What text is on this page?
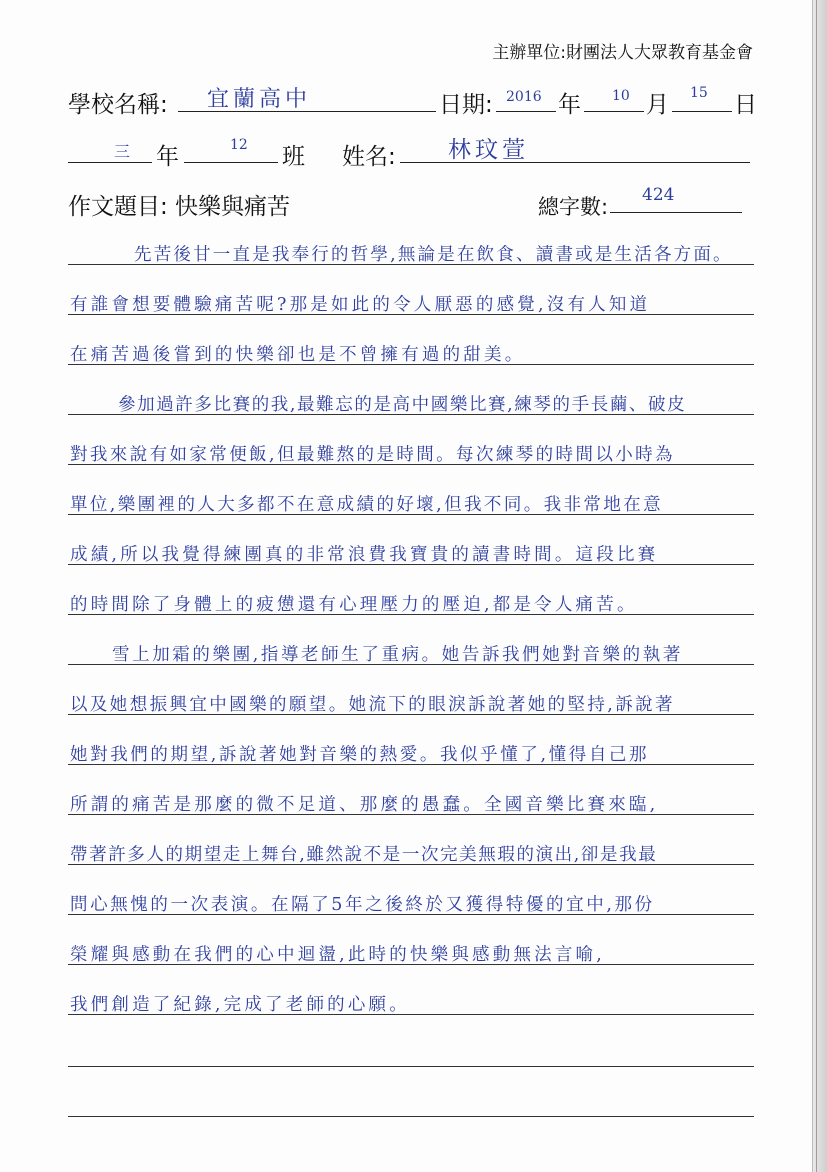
主辦單位:財團法人大眾教育基金會
學校名稱: 宜蘭高中	日期: 2016 年 10 月 15 日
三 年	12 班 姓名: 林玟萱
作文題目: 快樂與痛苦	總字數: 424
先苦後甘一直是我奉行的哲學,無論是在飲食、讀書或是生活各方面。
有誰會想要體驗痛苦呢?那是如此的令人厭惡的感覺,沒有人知道
在痛苦過後嘗到的快樂卻也是不曾擁有過的甜美。
參加過許多比賽的我,最難忘的是高中國樂比賽,練琴的手長繭、破皮
對我來說有如家常便飯,但最難熬的是時間。每次練琴的時間以小時為
單位,樂團裡的人大多都不在意成績的好壞,但我不同。我非常地在意
成績,所以我覺得練團真的非常浪費我寶貴的讀書時間。這段比賽
的時間除了身體上的疲憊還有心理壓力的壓迫,都是令人痛苦。
雪上加霜的樂團,指導老師生了重病。她告訴我們她對音樂的執著
以及她想振興宜中國樂的願望。她流下的眼淚訴說著她的堅持,訴說著
她對我們的期望,訴說著她對音樂的熱愛。我似乎懂了,懂得自己那
所謂的痛苦是那麼的微不足道、那麼的愚蠢。全國音樂比賽來臨,
帶著許多人的期望走上舞台,雖然說不是一次完美無瑕的演出,卻是我最
問心無愧的一次表演。在隔了5年之後終於又獲得特優的宜中,那份
榮耀與感動在我們的心中迴盪,此時的快樂與感動無法言喻,
我們創造了紀錄,完成了老師的心願。
